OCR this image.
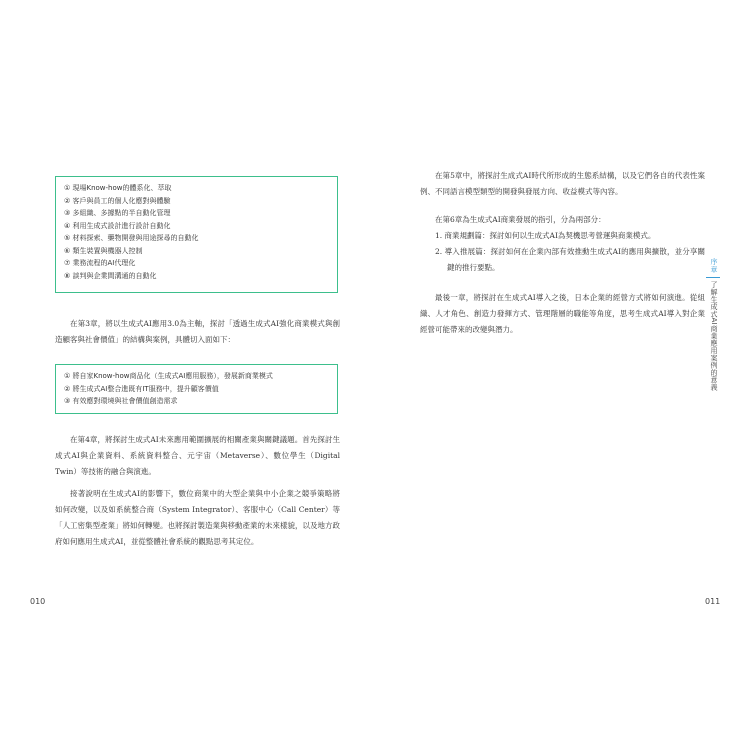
① 現場Know-how的體系化、萃取
② 客戶與員工的個人化應對與體驗
③ 多組織、多據點的半自動化管理
④ 利用生成式設計進行設計自動化
⑤ 材料探索、藥物開發與用途探尋的自動化
⑥ 類生裝置與機器人控制
⑦ 業務流程的AI代理化
⑧ 談判與企業間溝通的自動化

在第3章，將以生成式AI應用3.0為主軸，探討「透過生成式AI強化商業模式與創造顧客與社會價值」的結構與案例，具體切入面如下：

① 將自家Know-how商品化（生成式AI應用服務），發展新商業模式
② 將生成式AI整合進既有IT服務中，提升顧客價值
③ 有效應對環境與社會價值創造需求

在第4章，將探討生成式AI未來應用範圍擴展的相關產業與關鍵議題。首先探討生成式AI與企業資料、系統資料整合、元宇宙（Metaverse）、數位學生（Digital Twin）等技術的融合與演進。

接著說明在生成式AI的影響下，數位商業中的大型企業與中小企業之競爭策略將如何改變，以及如系統整合商（System Integrator）、客服中心（Call Center）等「人工密集型產業」將如何轉變。也將探討製造業與移動產業的未來樣貌，以及地方政府如何應用生成式AI，並從整體社會系統的觀點思考其定位。

010

在第5章中，將探討生成式AI時代所形成的生態系結構，以及它們各自的代表性案例、不同語言模型類型的開發與發展方向、收益模式等內容。

在第6章為生成式AI商業發展的指引，分為兩部分：

1. 商業規劃篇：探討如何以生成式AI為契機思考營運與商業模式。
2. 導入推展篇：探討如何在企業內部有效推動生成式AI的應用與擴散，並分享關鍵的推行要點。

最後一章，將探討在生成式AI導入之後，日本企業的經營方式將如何演進。從組織、人才角色、創造力發揮方式、管理階層的職能等角度，思考生成式AI導入對企業經營可能帶來的改變與潛力。

011
序章
了解生成式AI商業應用案例的意義
